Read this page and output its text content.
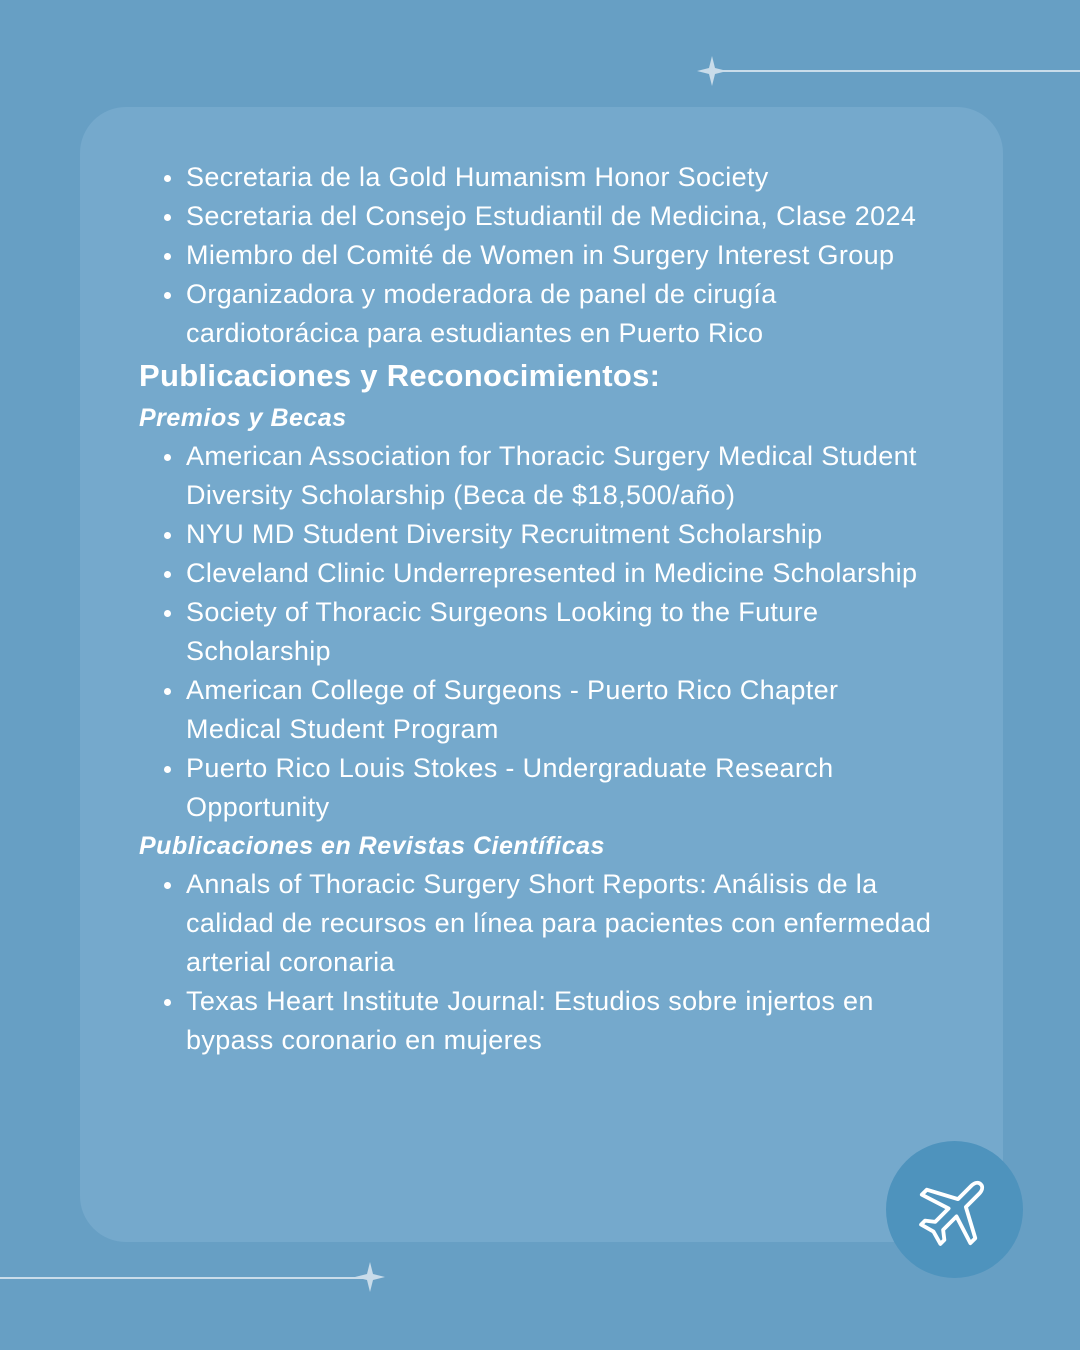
Secretaria de la Gold Humanism Honor Society
Secretaria del Consejo Estudiantil de Medicina, Clase 2024
Miembro del Comité de Women in Surgery Interest Group
Organizadora y moderadora de panel de cirugía cardiotorácica para estudiantes en Puerto Rico
Publicaciones y Reconocimientos:
Premios y Becas
American Association for Thoracic Surgery Medical Student Diversity Scholarship (Beca de $18,500/año)
NYU MD Student Diversity Recruitment Scholarship
Cleveland Clinic Underrepresented in Medicine Scholarship
Society of Thoracic Surgeons Looking to the Future Scholarship
American College of Surgeons - Puerto Rico Chapter Medical Student Program
Puerto Rico Louis Stokes - Undergraduate Research Opportunity
Publicaciones en Revistas Científicas
Annals of Thoracic Surgery Short Reports: Análisis de la calidad de recursos en línea para pacientes con enfermedad arterial coronaria
Texas Heart Institute Journal: Estudios sobre injertos en bypass coronario en mujeres
